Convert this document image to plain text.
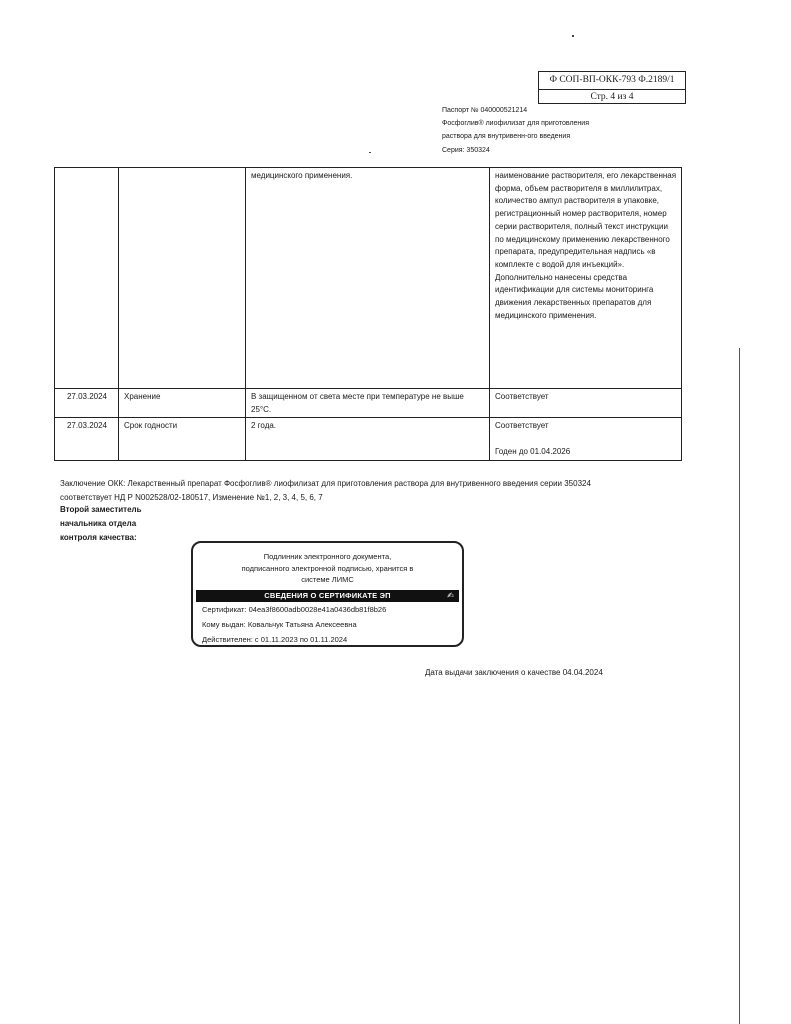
Ф СОП-ВП-ОКК-793 Ф.2189/1
Стр. 4 из 4
Паспорт № 040000521214
Фосфоглив® лиофилизат для приготовления
раствора для внутривенн-ого введения
Серия: 350324
		медицинского применения.	наименование растворителя, его лекарственная форма, объем растворителя в миллилитрах, количество ампул растворителя в упаковке, регистрационный номер растворителя, номер серии растворителя, полный текст инструкции по медицинскому применению лекарственного препарата, предупредительная надпись «в комплекте с водой для инъекций».
Дополнительно нанесены средства идентификации для системы мониторинга движения лекарственных препаратов для медицинского применения.

27.03.2024	Хранение	В защищенном от света месте при температуре не выше 25°С.	Соответствует

27.03.2024	Срок годности	2 года.	Соответствует
Годен до 01.04.2026
Заключение ОКК: Лекарственный препарат Фосфоглив® лиофилизат для приготовления раствора для внутривенного введения серии 350324 соответствует НД Р N002528/02-180517, Изменение №1, 2, 3, 4, 5, 6, 7
Второй заместитель
начальника отдела
контроля качества:
Подлинник электронного документа,
подписанного электронной подписью, хранится в
системе ЛИМС
СВЕДЕНИЯ О СЕРТИФИКАТЕ ЭП	✍
Сертификат: 04ea3f8600adb0028e41a0436db81f8b26
Кому выдан: Ковальчук Татьяна Алексеевна
Действителен: с 01.11.2023 по 01.11.2024
Дата выдачи заключения о качестве 04.04.2024
